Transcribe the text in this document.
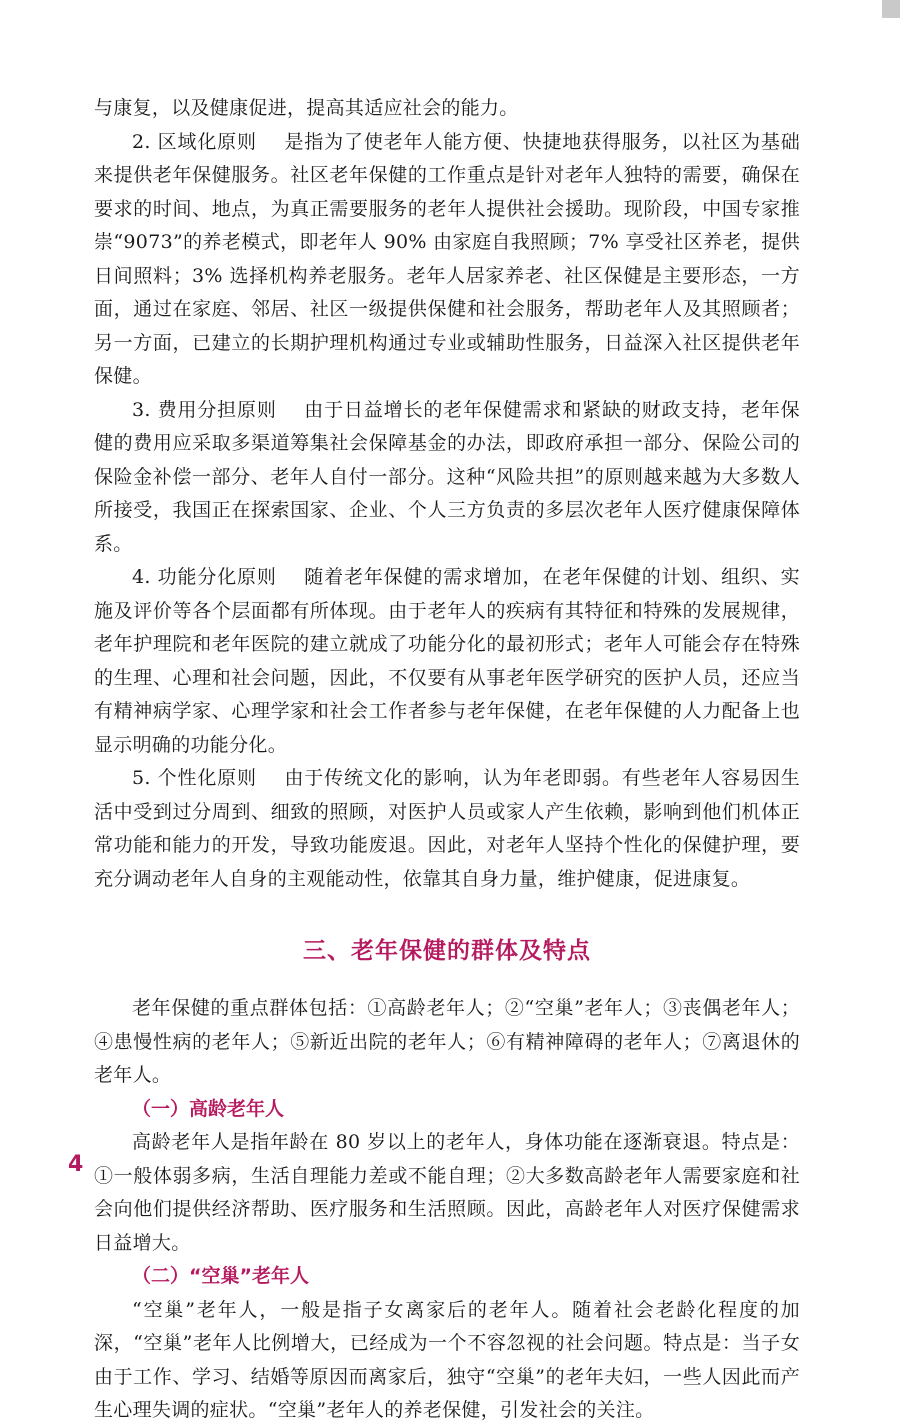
与康复，以及健康促进，提高其适应社会的能力。

2. 区域化原则 是指为了使老年人能方便、快捷地获得服务，以社区为基础来提供老年保健服务。社区老年保健的工作重点是针对老年人独特的需要，确保在要求的时间、地点，为真正需要服务的老年人提供社会援助。现阶段，中国专家推崇“9073”的养老模式，即老年人 90% 由家庭自我照顾；7% 享受社区养老，提供日间照料；3% 选择机构养老服务。老年人居家养老、社区保健是主要形态，一方面，通过在家庭、邻居、社区一级提供保健和社会服务，帮助老年人及其照顾者；另一方面，已建立的长期护理机构通过专业或辅助性服务，日益深入社区提供老年保健。

3. 费用分担原则 由于日益增长的老年保健需求和紧缺的财政支持，老年保健的费用应采取多渠道筹集社会保障基金的办法，即政府承担一部分、保险公司的保险金补偿一部分、老年人自付一部分。这种“风险共担”的原则越来越为大多数人所接受，我国正在探索国家、企业、个人三方负责的多层次老年人医疗健康保障体系。

4. 功能分化原则 随着老年保健的需求增加，在老年保健的计划、组织、实施及评价等各个层面都有所体现。由于老年人的疾病有其特征和特殊的发展规律，老年护理院和老年医院的建立就成了功能分化的最初形式；老年人可能会存在特殊的生理、心理和社会问题，因此，不仅要有从事老年医学研究的医护人员，还应当有精神病学家、心理学家和社会工作者参与老年保健，在老年保健的人力配备上也显示明确的功能分化。

5. 个性化原则 由于传统文化的影响，认为年老即弱。有些老年人容易因生活中受到过分周到、细致的照顾，对医护人员或家人产生依赖，影响到他们机体正常功能和能力的开发，导致功能废退。因此，对老年人坚持个性化的保健护理，要充分调动老年人自身的主观能动性，依靠其自身力量，维护健康，促进康复。

三、老年保健的群体及特点

老年保健的重点群体包括：①高龄老年人；②“空巢”老年人；③丧偶老年人；④患慢性病的老年人；⑤新近出院的老年人；⑥有精神障碍的老年人；⑦离退休的老年人。

（一）高龄老年人

高龄老年人是指年龄在 80 岁以上的老年人，身体功能在逐渐衰退。特点是：①一般体弱多病，生活自理能力差或不能自理；②大多数高龄老年人需要家庭和社会向他们提供经济帮助、医疗服务和生活照顾。因此，高龄老年人对医疗保健需求日益增大。

（二）“空巢”老年人

“空巢”老年人，一般是指子女离家后的老年人。随着社会老龄化程度的加深，“空巢”老年人比例增大，已经成为一个不容忽视的社会问题。特点是：当子女由于工作、学习、结婚等原因而离家后，独守“空巢”的老年夫妇，一些人因此而产生心理失调的症状。“空巢”老年人的养老保健，引发社会的关注。

4
